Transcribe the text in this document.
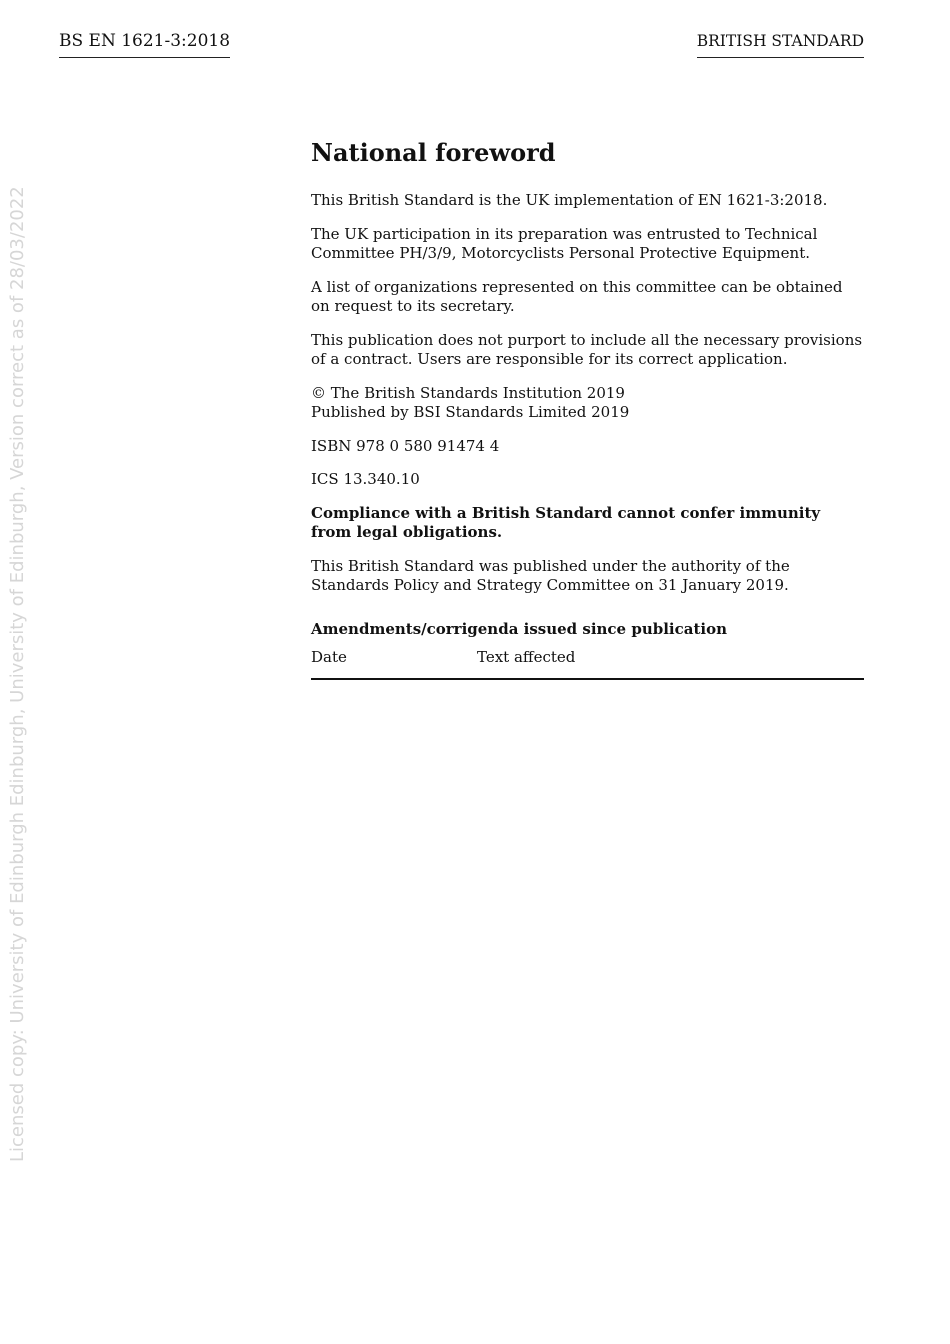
BS EN 1621-3:2018	BRITISH STANDARD
Licensed copy: University of Edinburgh Edinburgh, University of Edinburgh, Version correct as of 28/03/2022
National foreword

This British Standard is the UK implementation of EN 1621-3:2018.

The UK participation in its preparation was entrusted to Technical Committee PH/3/9, Motorcyclists Personal Protective Equipment.

A list of organizations represented on this committee can be obtained on request to its secretary.

This publication does not purport to include all the necessary provisions of a contract. Users are responsible for its correct application.

© The British Standards Institution 2019
Published by BSI Standards Limited 2019

ISBN 978 0 580 91474 4

ICS 13.340.10

Compliance with a British Standard cannot confer immunity from legal obligations.

This British Standard was published under the authority of the Standards Policy and Strategy Committee on 31 January 2019.

Amendments/corrigenda issued since publication
Date	Text affected
